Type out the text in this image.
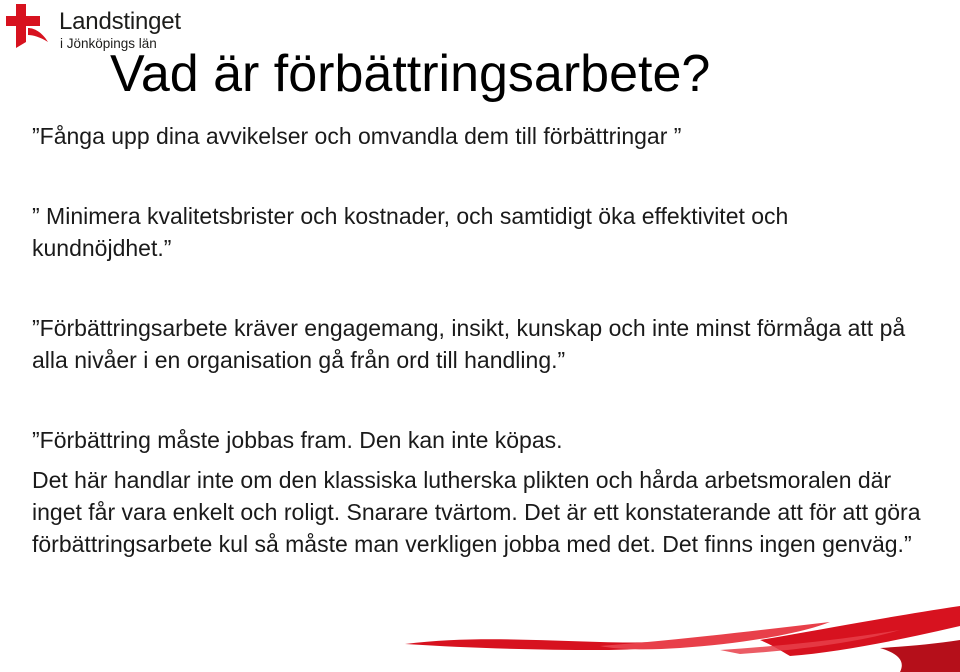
Landstinget
i Jönköpings län
Vad är förbättringsarbete?

”Fånga upp dina avvikelser och omvandla dem till förbättringar ”

” Minimera kvalitetsbrister och kostnader, och samtidigt öka effektivitet och kundnöjdhet.”

”Förbättringsarbete kräver engagemang, insikt, kunskap och inte minst förmåga att på alla nivåer i en organisation gå från ord till handling.”

”Förbättring måste jobbas fram. Den kan inte köpas.

Det här handlar inte om den klassiska lutherska plikten och hårda arbetsmoralen där inget får vara enkelt och roligt. Snarare tvärtom. Det är ett konstaterande att för att göra förbättringsarbete kul så måste man verkligen jobba med det. Det finns ingen genväg.”
